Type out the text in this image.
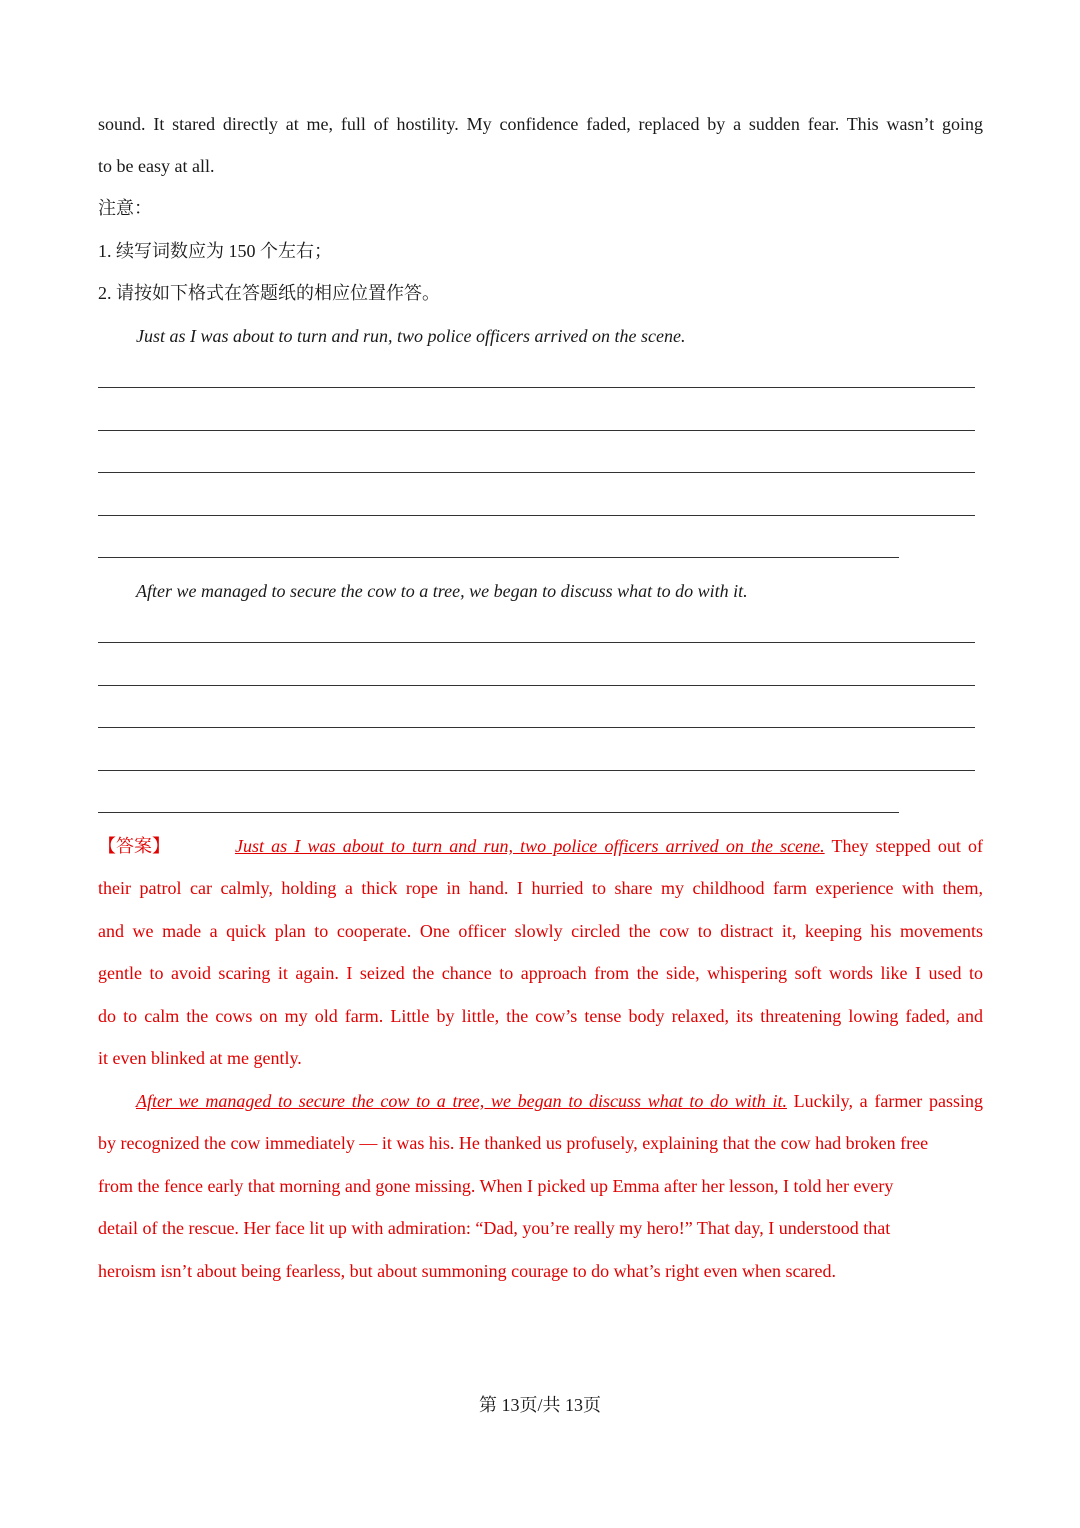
sound. It stared directly at me, full of hostility. My confidence faded, replaced by a sudden fear. This wasn’t going
to be easy at all.
注意：
1. 续写词数应为 150 个左右；
2. 请按如下格式在答题纸的相应位置作答。
Just as I was about to turn and run, two police officers arrived on the scene.
After we managed to secure the cow to a tree, we began to discuss what to do with it.
【答案】	Just as I was about to turn and run, two police officers arrived on the scene. They stepped out of
their patrol car calmly, holding a thick rope in hand. I hurried to share my childhood farm experience with them,
and we made a quick plan to cooperate. One officer slowly circled the cow to distract it, keeping his movements
gentle to avoid scaring it again. I seized the chance to approach from the side, whispering soft words like I used to
do to calm the cows on my old farm. Little by little, the cow’s tense body relaxed, its threatening lowing faded, and
it even blinked at me gently.
After we managed to secure the cow to a tree, we began to discuss what to do with it. Luckily, a farmer passing
by recognized the cow immediately — it was his. He thanked us profusely, explaining that the cow had broken free
from the fence early that morning and gone missing. When I picked up Emma after her lesson, I told her every
detail of the rescue. Her face lit up with admiration: “Dad, you’re really my hero!” That day, I understood that
heroism isn’t about being fearless, but about summoning courage to do what’s right even when scared.
第 13页/共 13页
